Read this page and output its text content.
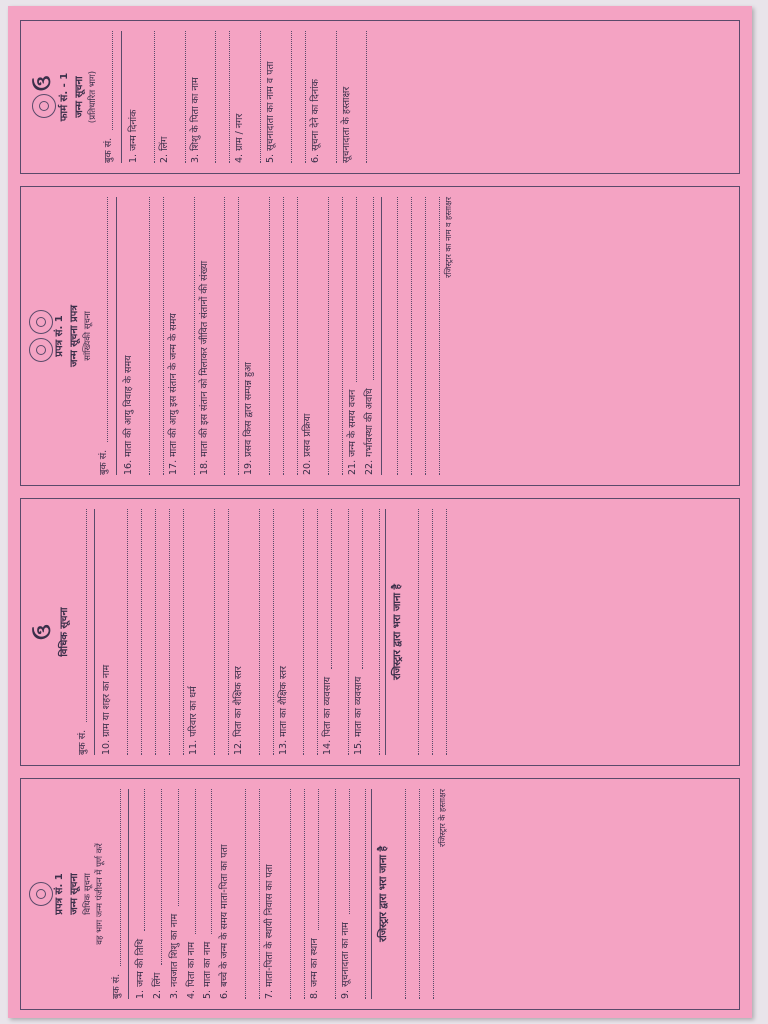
प्रपत्र सं. 1 जन्म सूचना विधिक सूचना वह भाग जन्म पंजीयन में पूर्ण करें
बुक सं. 1. जन्म की तिथि 2. लिंग 3. नवजात शिशु का नाम 4. पिता का नाम 5. माता का नाम 6. बच्चे के जन्म के समय माता-पिता का पता	7. माता-पिता के स्थायी निवास का पता	8. जन्म का स्थान 9. सूचनादाता का नाम
रजिस्ट्रार द्वारा भरा जाना है
रजिस्ट्रार के हस्ताक्षर
ઉ विधिक सूचना
बुक सं. 10. ग्राम या शहर का नाम	11. परिवार का धर्म	12. पिता का शैक्षिक स्तर	13. माता का शैक्षिक स्तर	14. पिता का व्यवसाय 15. माता का व्यवसाय
रजिस्ट्रार द्वारा भरा जाना है

प्रपत्र सं. 1 जन्म सूचना प्रपत्र सांख्यिकी सूचना
बुक सं. 16. माता की आयु विवाह के समय	17. माता की आयु इस संतान के जन्म के समय 18. माता की इस संतान को मिलाकर जीवित संतानों की संख्या	19. प्रसव किस द्वारा सम्पन्न हुआ	20. प्रसव प्रक्रिया	21. जन्म के समय वजन 22. गर्भावस्था की अवधि
रजिस्ट्रार का नाम व हस्ताक्षर
ઉ फार्म सं. - 1 जन्म सूचना (प्रतिधारित भाग)
बुक सं. 1. जन्म दिनांक 2. लिंग 3. शिशु के पिता का नाम	4. ग्राम / नगर 5. सूचनादाता का नाम व पता	6. सूचना देने का दिनांक सूचनादाता के हस्ताक्षर
